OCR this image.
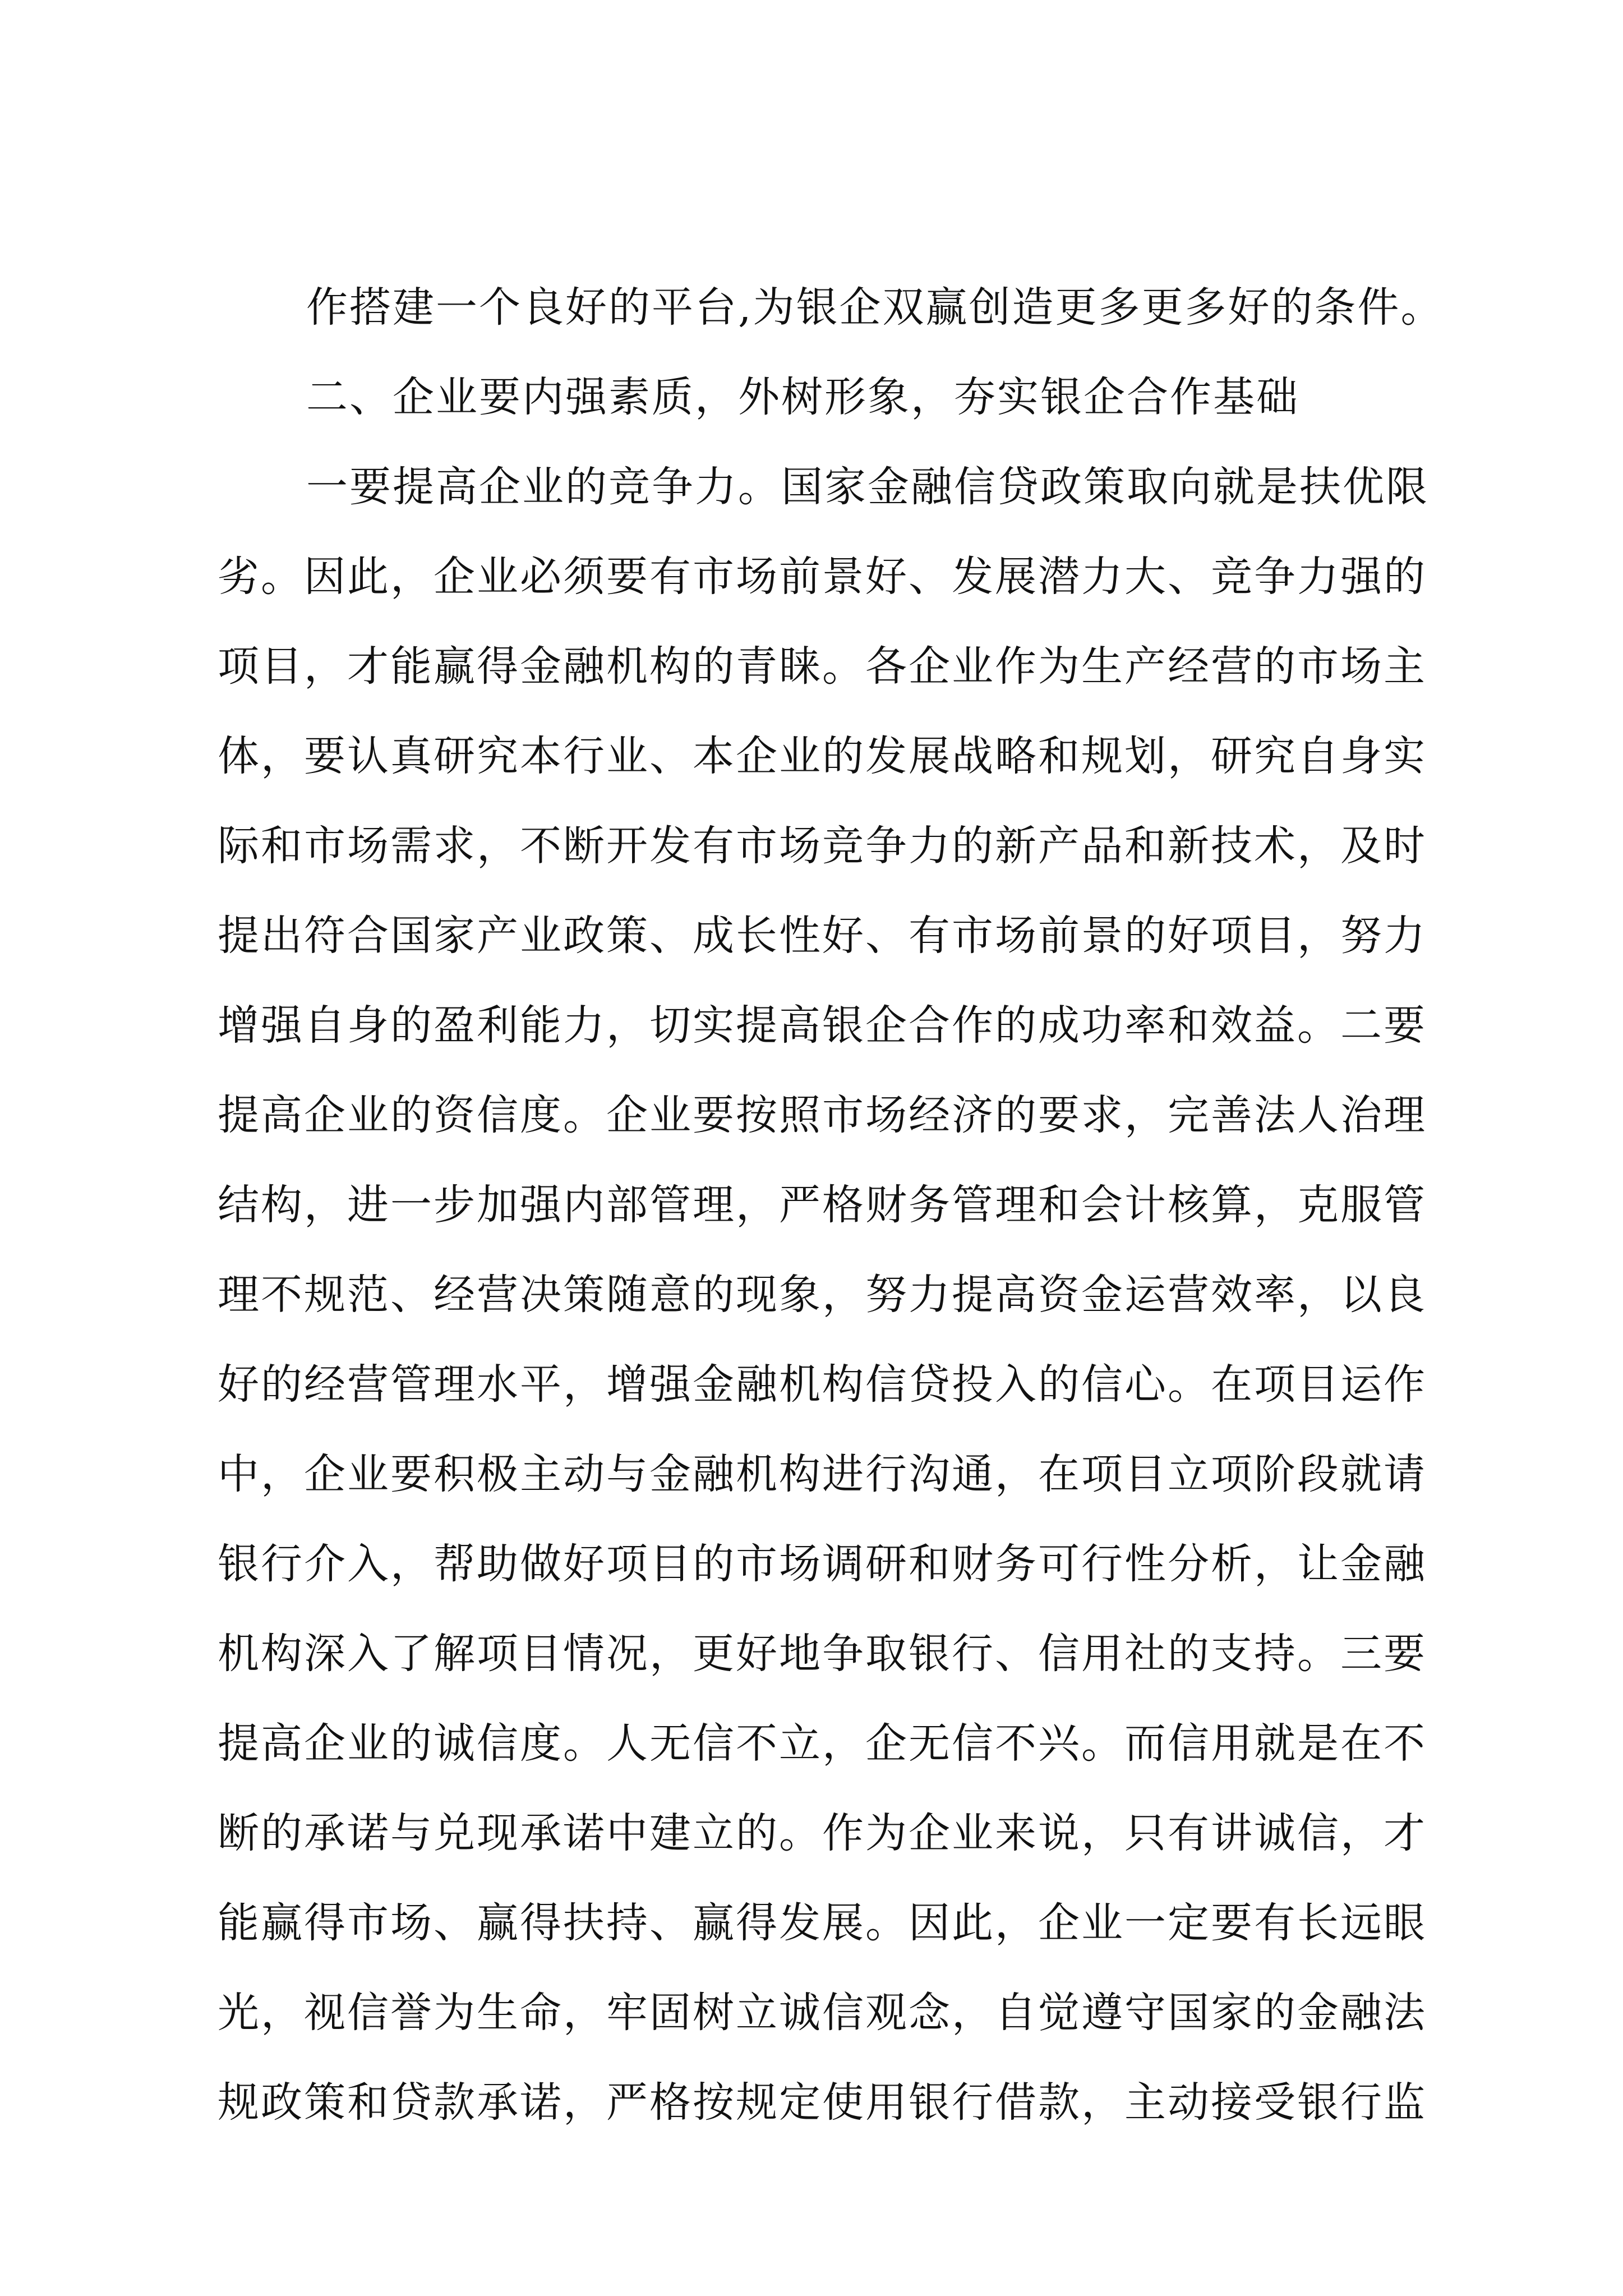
作搭建一个良好的平台,为银企双赢创造更多更多好的条件。
二、企业要内强素质，外树形象，夯实银企合作基础
一要提高企业的竞争力。国家金融信贷政策取向就是扶优限
劣。因此，企业必须要有市场前景好、发展潜力大、竞争力强的
项目，才能赢得金融机构的青睐。各企业作为生产经营的市场主
体，要认真研究本行业、本企业的发展战略和规划，研究自身实
际和市场需求，不断开发有市场竞争力的新产品和新技术，及时
提出符合国家产业政策、成长性好、有市场前景的好项目，努力
增强自身的盈利能力，切实提高银企合作的成功率和效益。二要
提高企业的资信度。企业要按照市场经济的要求，完善法人治理
结构，进一步加强内部管理，严格财务管理和会计核算，克服管
理不规范、经营决策随意的现象，努力提高资金运营效率，以良
好的经营管理水平，增强金融机构信贷投入的信心。在项目运作
中，企业要积极主动与金融机构进行沟通，在项目立项阶段就请
银行介入，帮助做好项目的市场调研和财务可行性分析，让金融
机构深入了解项目情况，更好地争取银行、信用社的支持。三要
提高企业的诚信度。人无信不立，企无信不兴。而信用就是在不
断的承诺与兑现承诺中建立的。作为企业来说，只有讲诚信，才
能赢得市场、赢得扶持、赢得发展。因此，企业一定要有长远眼
光，视信誉为生命，牢固树立诚信观念，自觉遵守国家的金融法
规政策和贷款承诺，严格按规定使用银行借款，主动接受银行监
